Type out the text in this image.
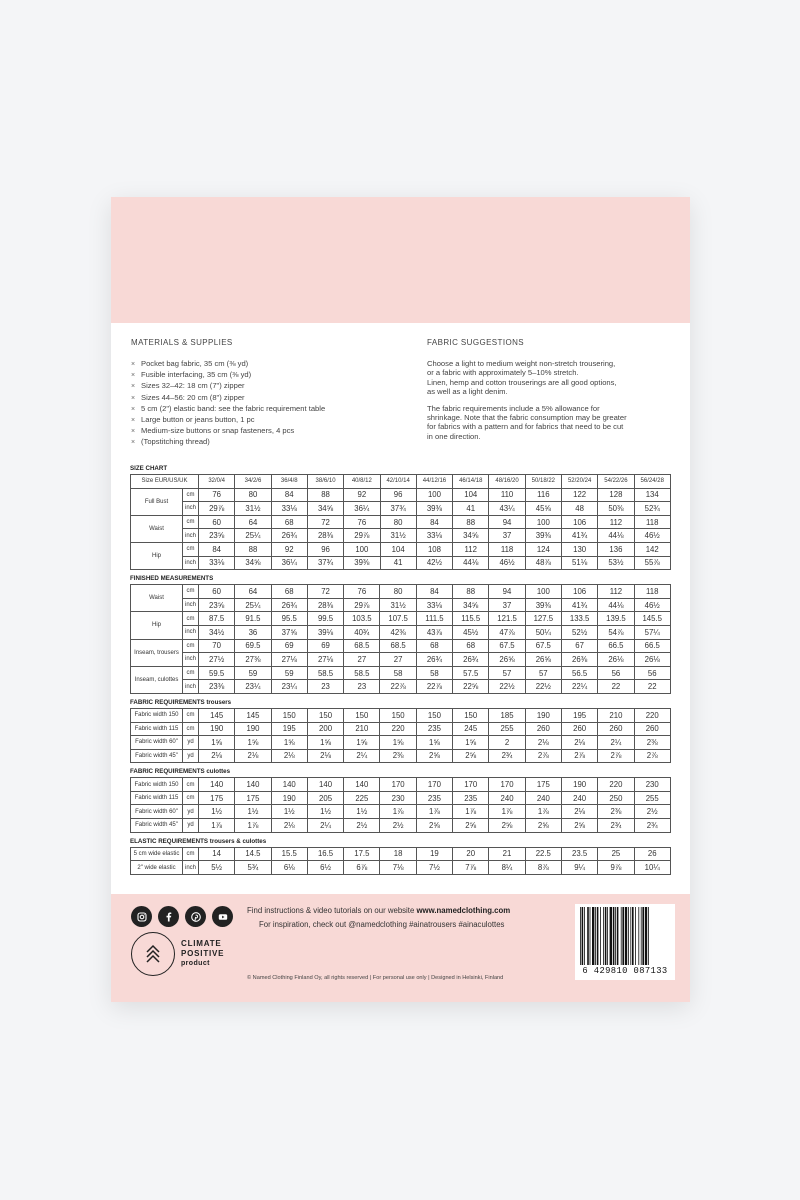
MATERIALS & SUPPLIES
× Pocket bag fabric, 35 cm (⅜ yd)
× Fusible interfacing, 35 cm (⅜ yd)
× Sizes 32–42: 18 cm (7") zipper
× Sizes 44–56: 20 cm (8") zipper
× 5 cm (2") elastic band: see the fabric requirement table
× Large button or jeans button, 1 pc
× Medium-size buttons or snap fasteners, 4 pcs
× (Topstitching thread)
FABRIC SUGGESTIONS

Choose a light to medium weight non-stretch trousering,
or a fabric with approximately 5–10% stretch.
Linen, hemp and cotton trouserings are all good options,
as well as a light denim.

The fabric requirements include a 5% allowance for
shrinkage. Note that the fabric consumption may be greater
for fabrics with a pattern and for fabrics that need to be cut
in one direction.

SIZE CHART
Size EUR/US/UK		32/0/4	34/2/6	36/4/8	38/6/10	40/8/12	42/10/14	44/12/16	46/14/18	48/16/20	50/18/22	52/20/24	54/22/26	56/24/28
Full Bust	cm	76	80	84	88	92	96	100	104	110	116	122	128	134
	inch	29⅞	31½	33⅛	34⅝	36¼	37¾	39⅜	41	43¼	45⅝	48	50⅜	52¾
Waist	cm	60	64	68	72	76	80	84	88	94	100	106	112	118
	inch	23⅝	25¼	26¾	28⅜	29⅞	31½	33⅛	34⅝	37	39⅜	41¾	44⅛	46½
Hip	cm	84	88	92	96	100	104	108	112	118	124	130	136	142
	inch	33⅛	34⅝	36¼	37¾	39⅜	41	42½	44⅛	46½	48⅞	51⅛	53½	55⅞
FINISHED MEASUREMENTS
Waist	cm	60	64	68	72	76	80	84	88	94	100	106	112	118
	inch	23⅝	25¼	26¾	28⅜	29⅞	31½	33⅛	34⅝	37	39⅜	41¾	44⅛	46½
Hip	cm	87.5	91.5	95.5	99.5	103.5	107.5	111.5	115.5	121.5	127.5	133.5	139.5	145.5
	inch	34½	36	37⅝	39⅛	40¾	42⅜	43⅞	45½	47⅞	50¼	52½	54⅞	57¼
Inseam, trousers	cm	70	69.5	69	69	68.5	68.5	68	68	67.5	67.5	67	66.5	66.5
	inch	27½	27⅜	27⅛	27⅛	27	27	26¾	26¾	26⅝	26⅝	26⅜	26⅛	26⅛
Inseam, culottes	cm	59.5	59	59	58.5	58.5	58	58	57.5	57	57	56.5	56	56
	inch	23⅜	23¼	23¼	23	23	22⅞	22⅞	22⅝	22½	22½	22¼	22	22
FABRIC REQUIREMENTS trousers
Fabric width 150	cm	145	145	150	150	150	150	150	150	185	190	195	210	220
Fabric width 115	cm	190	190	195	200	210	220	235	245	255	260	260	260	260
Fabric width 60"	yd	1⅝	1⅝	1⅝	1⅝	1⅝	1⅝	1⅝	1⅝	2	2⅛	2⅛	2¼	2⅜
Fabric width 45"	yd	2⅛	2⅛	2⅛	2⅛	2¼	2⅜	2⅝	2⅝	2¾	2⅞	2⅞	2⅞	2⅞
FABRIC REQUIREMENTS culottes
Fabric width 150	cm	140	140	140	140	140	170	170	170	170	175	190	220	230
Fabric width 115	cm	175	175	190	205	225	230	235	235	240	240	240	250	255
Fabric width 60"	yd	1½	1½	1½	1½	1½	1⅞	1⅞	1⅞	1⅞	1⅞	2⅛	2⅜	2½
Fabric width 45"	yd	1⅞	1⅞	2⅛	2¼	2½	2½	2⅝	2⅝	2⅝	2⅝	2⅝	2¾	2¾
ELASTIC REQUIREMENTS trousers & culottes
5 cm wide elastic	cm	14	14.5	15.5	16.5	17.5	18	19	20	21	22.5	23.5	25	26
2" wide elastic	inch	5½	5¾	6⅛	6½	6⅞	7⅛	7½	7⅞	8¼	8⅞	9¼	9⅞	10¼
CLIMATE
POSITIVE
product
Find instructions & video tutorials on our website www.namedclothing.com
For inspiration, check out @namedclothing #ainatrousers #ainaculottes
© Named Clothing Finland Oy, all rights reserved | For personal use only | Designed in Helsinki, Finland
6 429810 087133
